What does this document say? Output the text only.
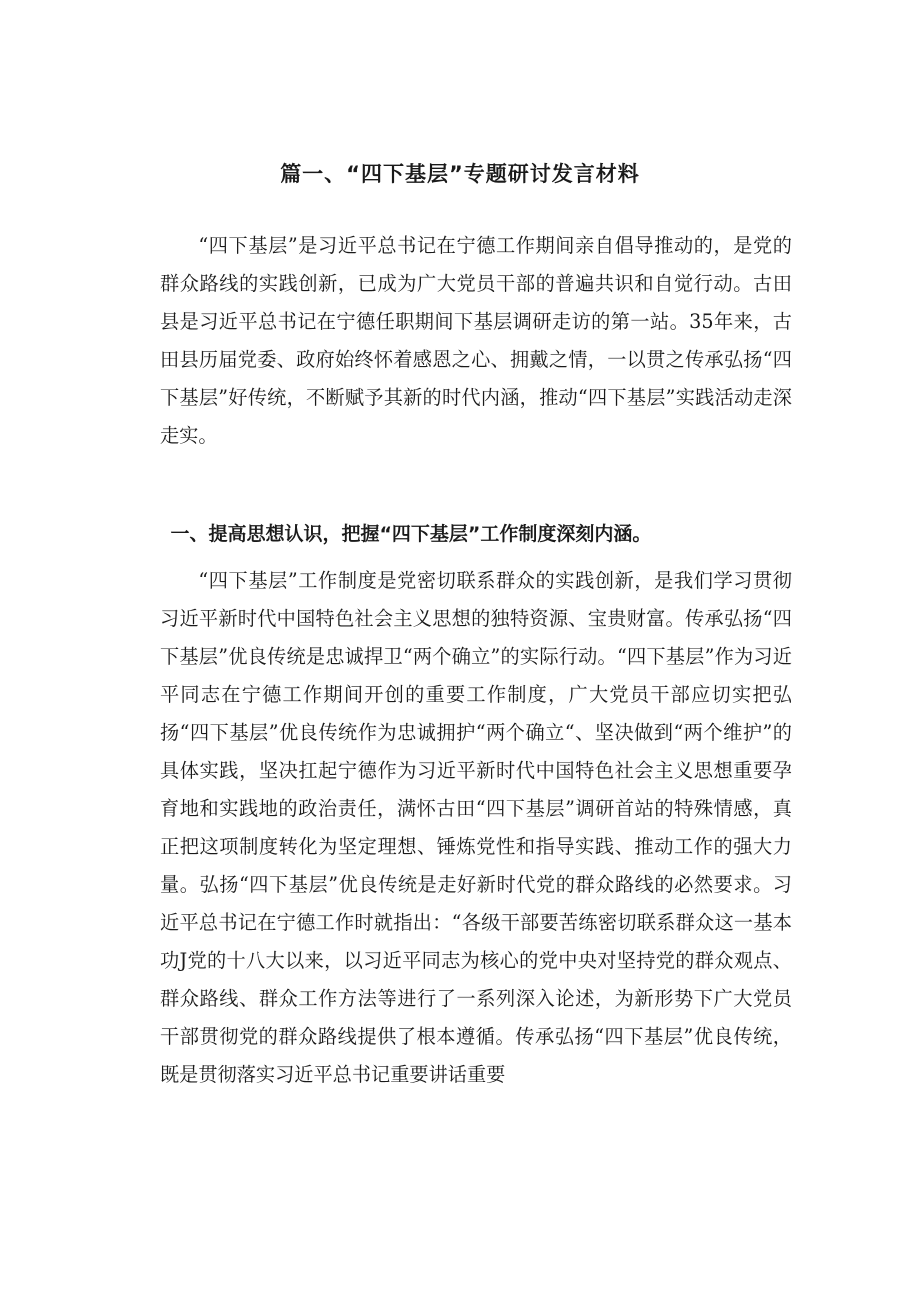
篇一、“四下基层”专题研讨发言材料

“四下基层”是习近平总书记在宁德工作期间亲自倡导推动的，是党的群众路线的实践创新，已成为广大党员干部的普遍共识和自觉行动。古田县是习近平总书记在宁德任职期间下基层调研走访的第一站。35年来，古田县历届党委、政府始终怀着感恩之心、拥戴之情，一以贯之传承弘扬“四下基层”好传统，不断赋予其新的时代内涵，推动“四下基层”实践活动走深走实。

一、提高思想认识，把握“四下基层”工作制度深刻内涵。

“四下基层”工作制度是党密切联系群众的实践创新，是我们学习贯彻习近平新时代中国特色社会主义思想的独特资源、宝贵财富。传承弘扬“四下基层”优良传统是忠诚捍卫“两个确立”的实际行动。“四下基层”作为习近平同志在宁德工作期间开创的重要工作制度，广大党员干部应切实把弘扬“四下基层”优良传统作为忠诚拥护“两个确立“、坚决做到“两个维护”的具体实践，坚决扛起宁德作为习近平新时代中国特色社会主义思想重要孕育地和实践地的政治责任，满怀古田“四下基层”调研首站的特殊情感，真正把这项制度转化为坚定理想、锤炼党性和指导实践、推动工作的强大力量。弘扬“四下基层”优良传统是走好新时代党的群众路线的必然要求。习近平总书记在宁德工作时就指出：“各级干部要苦练密切联系群众这一基本功J党的十八大以来，以习近平同志为核心的党中央对坚持党的群众观点、群众路线、群众工作方法等进行了一系列深入论述，为新形势下广大党员干部贯彻党的群众路线提供了根本遵循。传承弘扬“四下基层”优良传统，既是贯彻落实习近平总书记重要讲话重要
